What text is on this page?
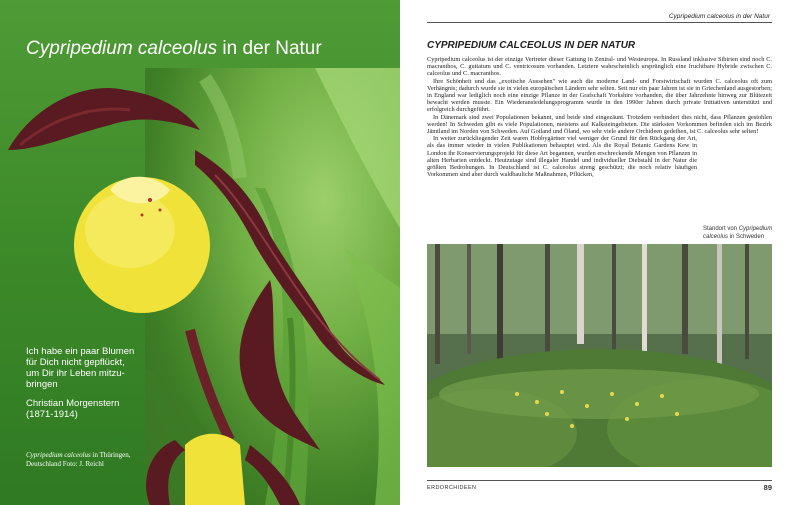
Cypripedium calceolus in der Natur
Ich habe ein paar Blumen
für Dich nicht gepflückt,
um Dir ihr Leben mitzu-
bringen
Christian Morgenstern
(1871-1914)
Cypripedium calceolus in Thüringen, Deutschland Foto: J. Reichl
Cypripedium calceolus in der Natur
CYPRIPEDIUM CALCEOLUS IN DER NATUR

Cypripedium calceolus ist der einzige Vertreter dieser Gattung in Zentral- und Westeuropa. In Russland inklusive Sibirien sind noch C. macranthos, C. guttatum und C. ventricosum vorhanden. Letztere wahrscheinlich ursprünglich eine fruchtbare Hybride zwischen C. calceolus und C. macranthos.

Ihre Schönheit und das „exotische Aussehen" wie auch die moderne Land- und Forstwirtschaft wurden C. calceolus oft zum Verhängnis; dadurch wurde sie in vielen europäischen Ländern sehr selten. Seit nur ein paar Jahren ist sie in Griechenland ausgestorben; in England war lediglich noch eine einzige Pflanze in der Grafschaft Yorkshire vorhanden, die über Jahrzehnte hinweg zur Blütezeit bewacht werden musste. Ein Wiederansiedelungsprogramm wurde in den 1990er Jahren durch private Initiativen unterstützt und erfolgreich durchgeführt.

In Dänemark sind zwei Populationen bekannt, und beide sind eingezäunt. Trotzdem verhindert dies nicht, dass Pflanzen gestohlen werden! In Schweden gibt es viele Populationen, meistens auf Kalksteingebieten. Die stärksten Vorkommen befinden sich im Bezirk Jämtland im Norden von Schweden. Auf Gotland und Öland, wo sehr viele andere Orchideen gedeihen, ist C. calceolus sehr selten!

In weiter zurückliegender Zeit waren Hobbygärtner viel weniger der Grund für den Rückgang der Art, als das immer wieder in vielen Publikationen behauptet wird. Als die Royal Botanic Gardens Kew in London ihr Konservierungsprojekt für diese Art begannen, wurden erschreckende Mengen von Pflanzen in alten Herbarien entdeckt. Heutzutage sind illegaler Handel und individueller Diebstahl in der Natur die größten Bedrohungen. In Deutschland ist C. calceolus streng geschützt; die noch relativ häufigen Vorkommen sind aber durch waldbauliche Maßnahmen, Pflücken,

Standort von Cypripedium calceolus in Schweden
ERDORCHIDEEN	89
